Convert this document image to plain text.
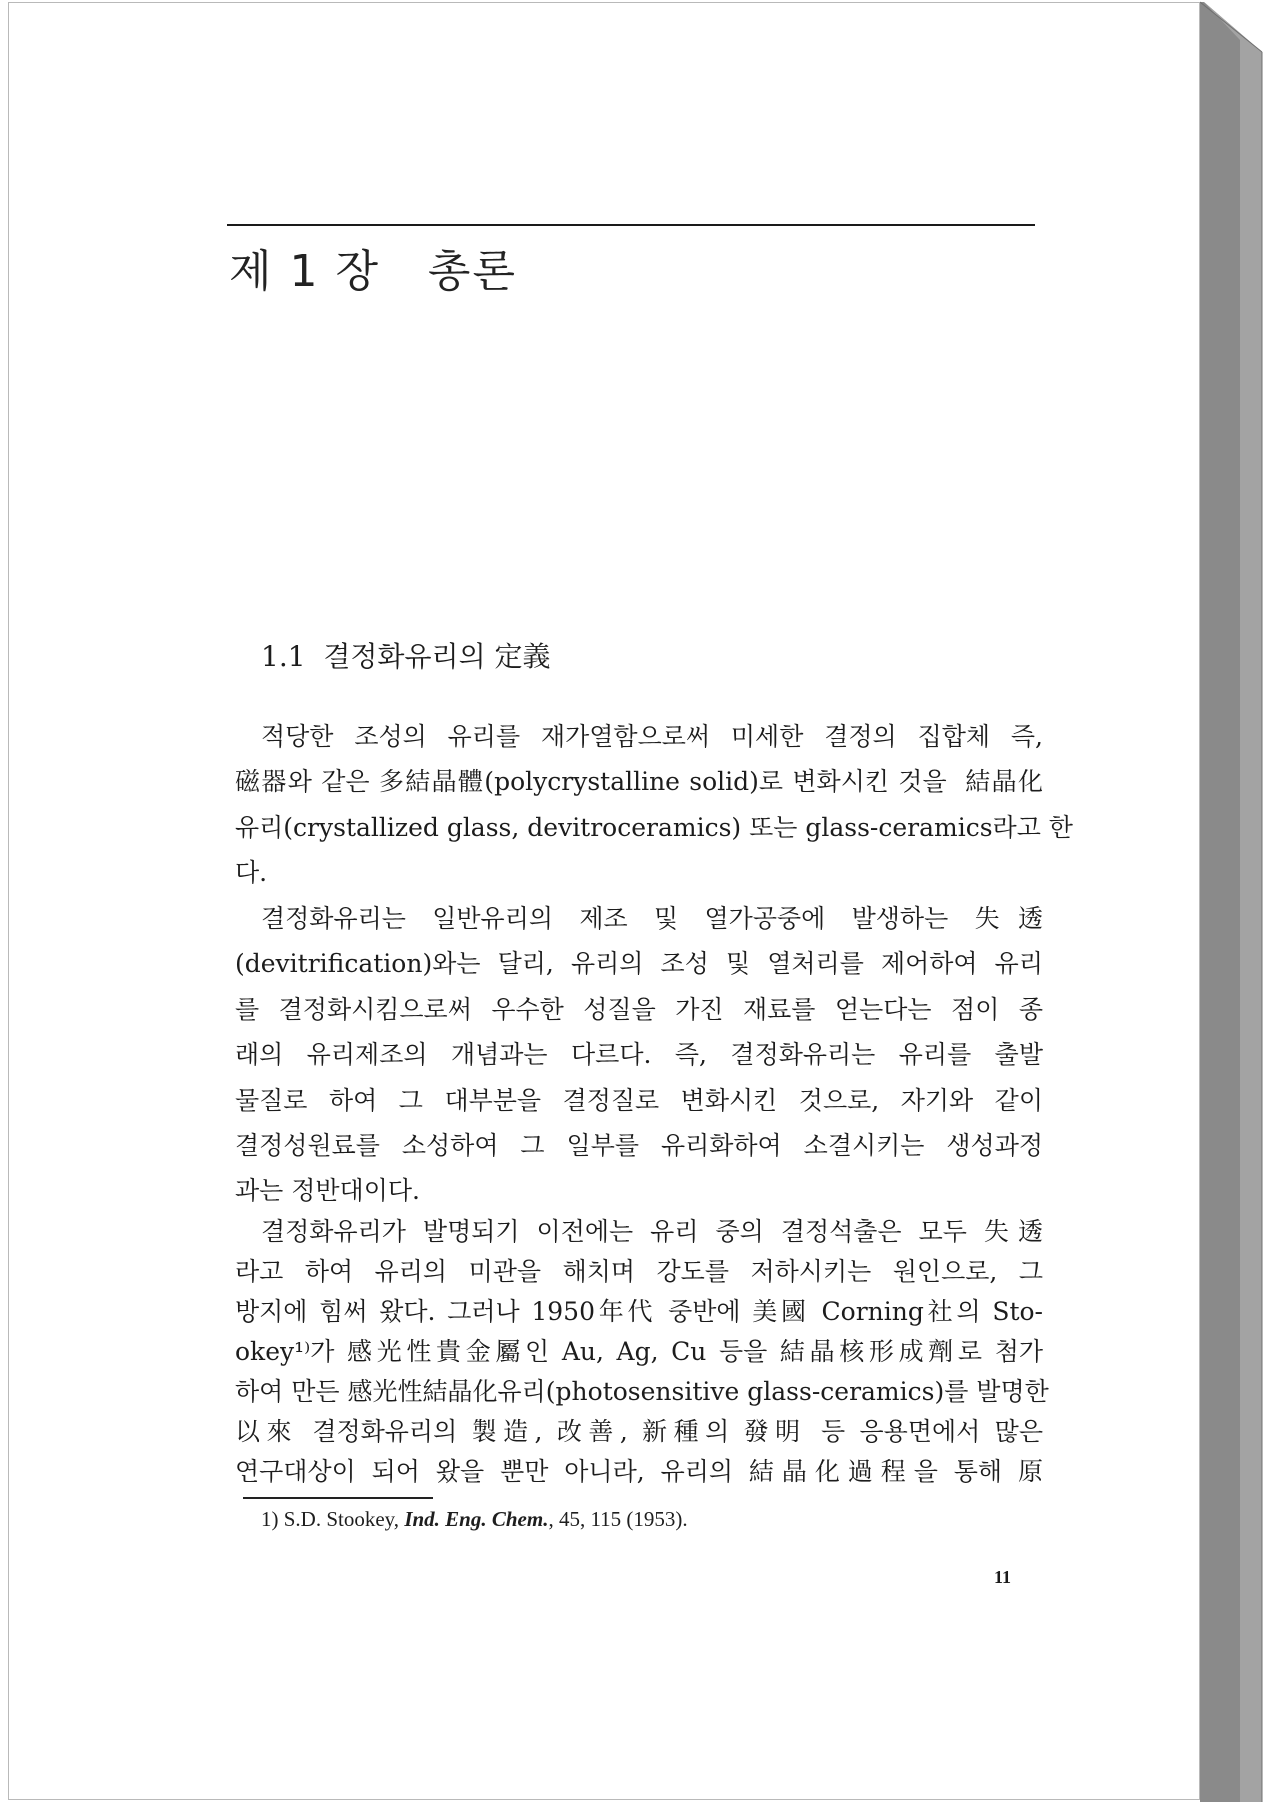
제 1 장   총론
1.1  결정화유리의 定義
적당한 조성의 유리를 재가열함으로써 미세한 결정의 집합체 즉,
磁器와 같은 多結晶體(polycrystalline solid)로 변화시킨 것을  結晶化
유리(crystallized glass, devitroceramics) 또는 glass-ceramics라고 한
다.
결정화유리는 일반유리의 제조 및 열가공중에 발생하는 失透
(devitrification)와는 달리, 유리의 조성 및 열처리를 제어하여 유리
를 결정화시킴으로써 우수한 성질을 가진 재료를 얻는다는 점이 종
래의 유리제조의 개념과는 다르다. 즉, 결정화유리는 유리를 출발
물질로 하여 그 대부분을 결정질로 변화시킨 것으로, 자기와 같이
결정성원료를 소성하여 그 일부를 유리화하여 소결시키는 생성과정
과는 정반대이다.
결정화유리가 발명되기 이전에는 유리 중의 결정석출은 모두 失透
라고 하여 유리의 미관을 해치며 강도를 저하시키는 원인으로, 그
방지에 힘써 왔다. 그러나 1950年代 중반에 美國 Corning社의 Sto-
okey¹⁾가 感光性貴金屬인 Au, Ag, Cu 등을 結晶核形成劑로 첨가
하여 만든 感光性結晶化유리(photosensitive glass-ceramics)를 발명한
以來 결정화유리의 製造, 改善, 新種의 發明 등 응용면에서 많은
연구대상이 되어 왔을 뿐만 아니라, 유리의 結晶化過程을 통해 原
1) S.D. Stookey, Ind. Eng. Chem., 45, 115 (1953).
11
